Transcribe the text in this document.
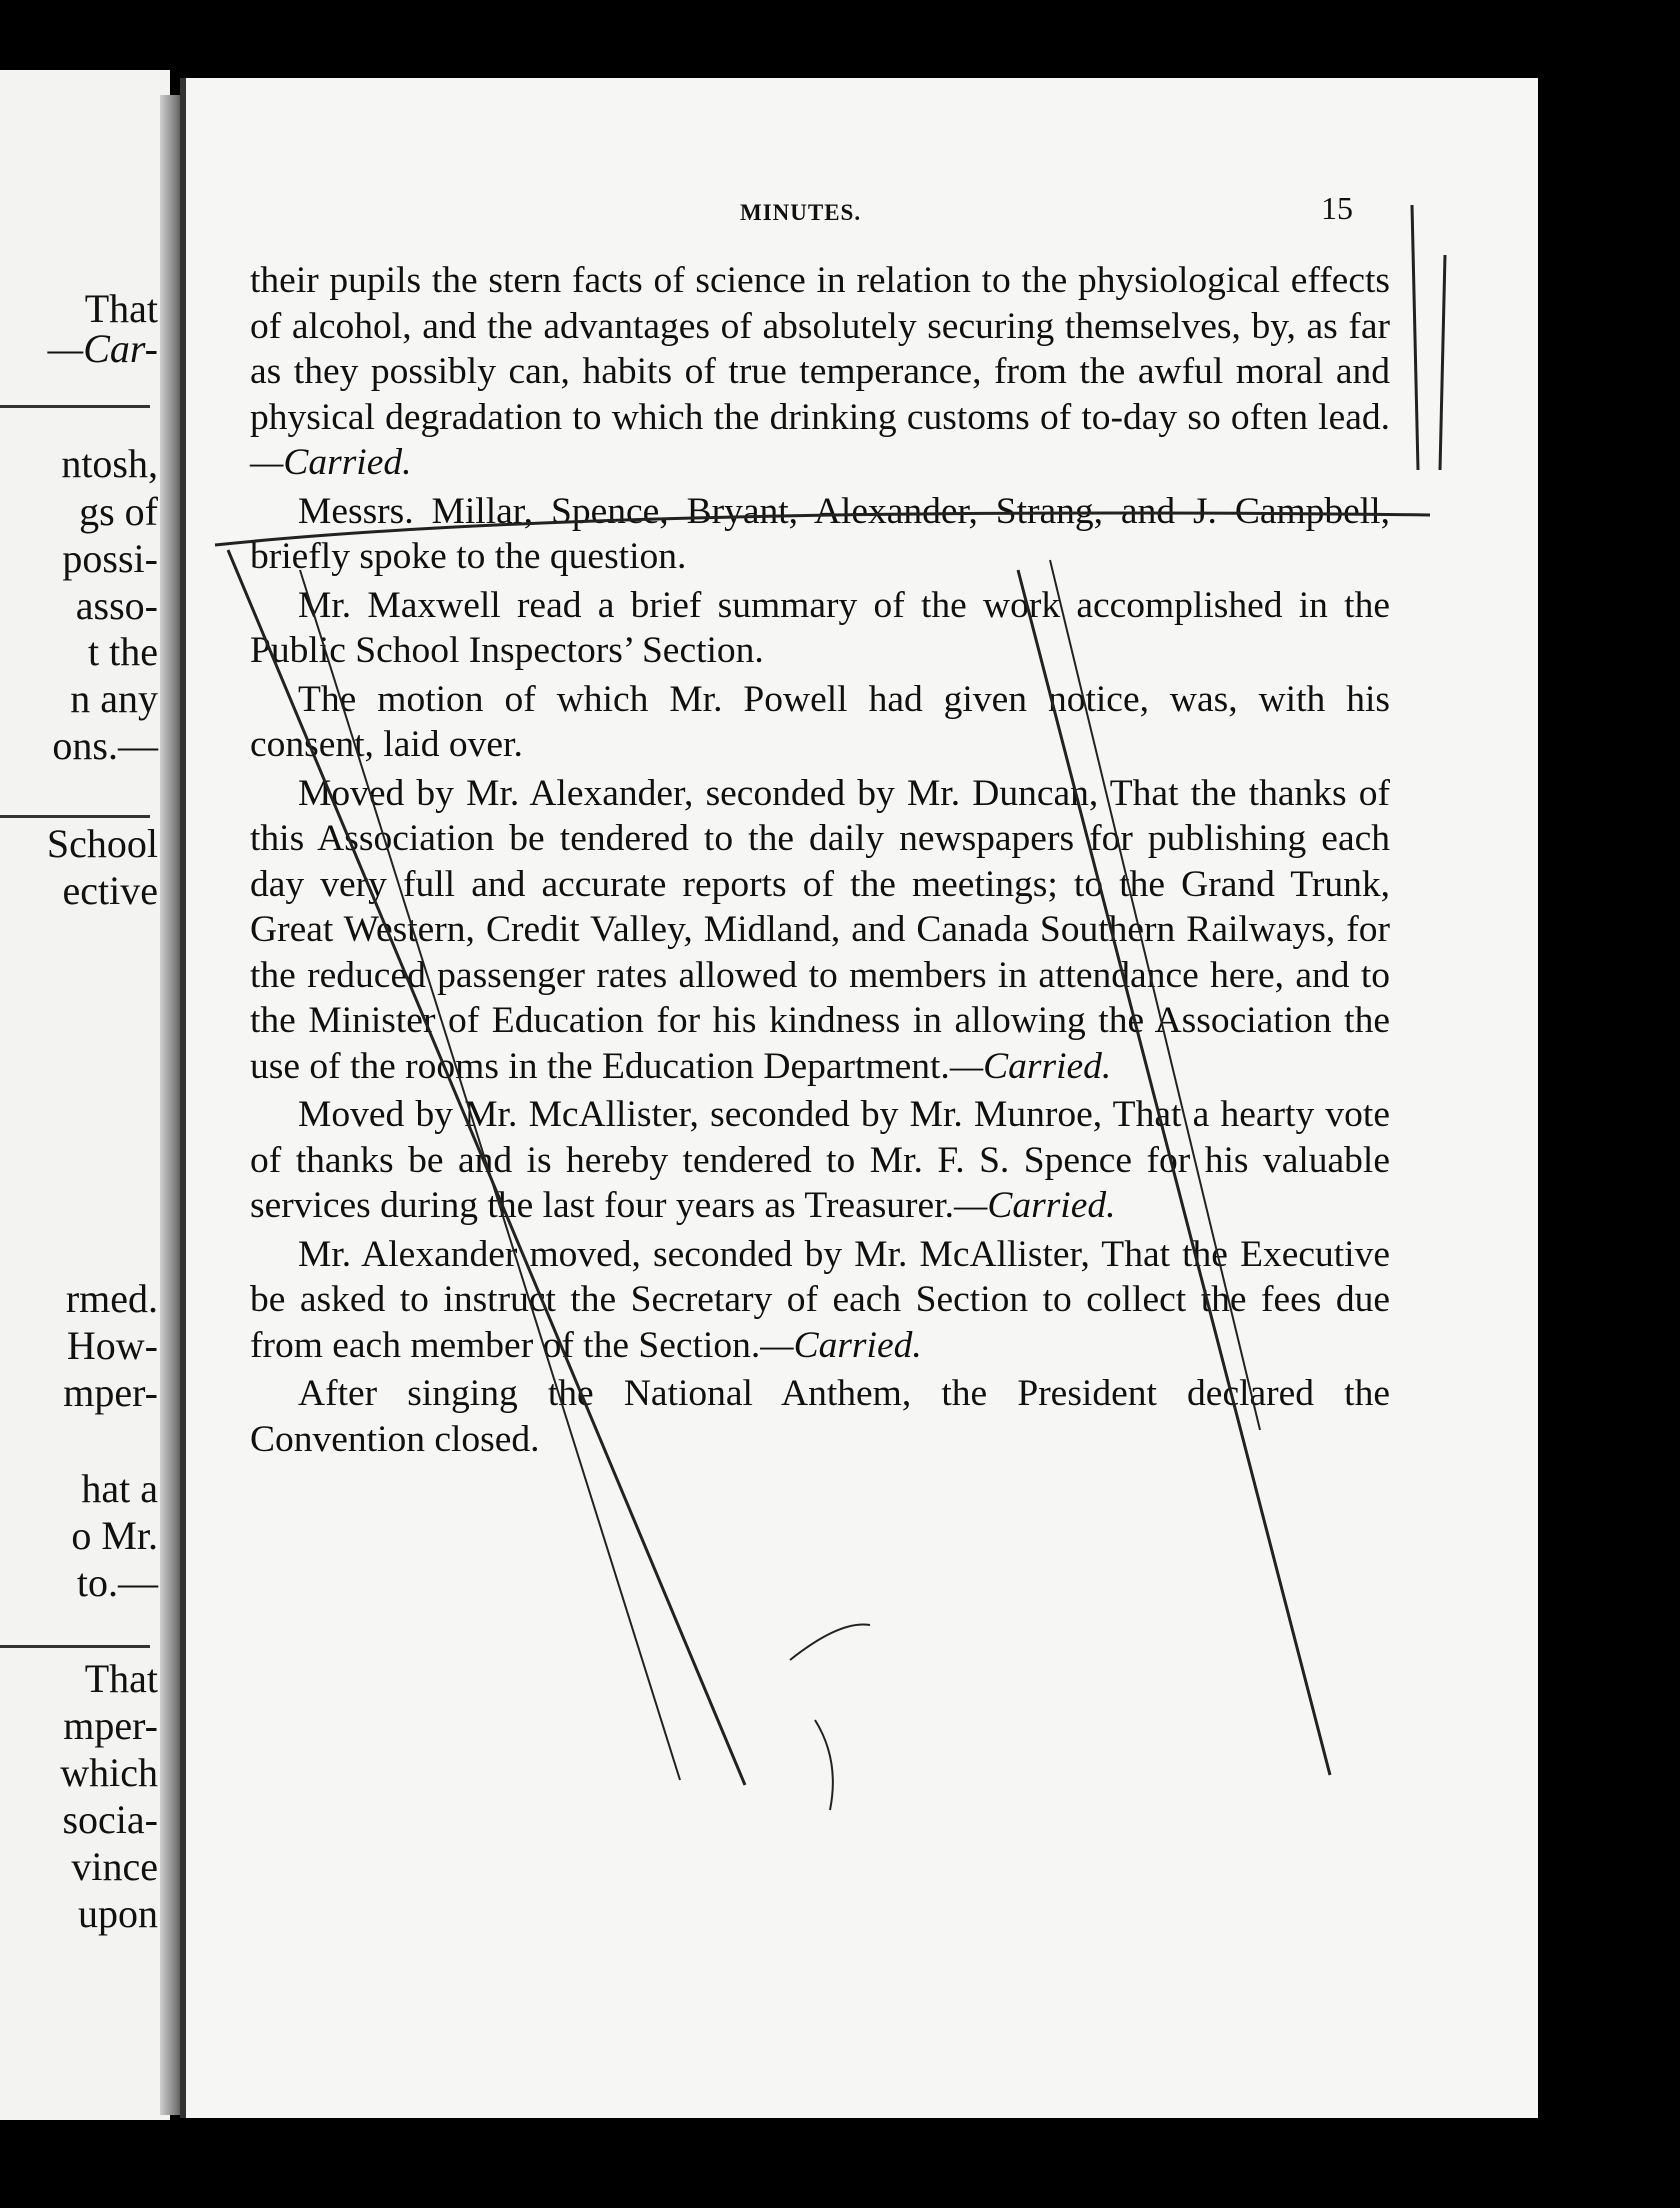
That
—Car-
ntosh,
gs of
possi-
asso-
t the
n any
ons.—
School
ective
rmed.
How-
mper-
hat a
o Mr.
to.—
That
mper-
which
socia-
vince
upon
MINUTES.	15

their pupils the stern facts of science in relation to the physiological effects of alcohol, and the advantages of absolutely securing themselves, by, as far as they possibly can, habits of true temperance, from the awful moral and physical degradation to which the drinking customs of to-day so often lead.—Carried.

Messrs. Millar, Spence, Bryant, Alexander, Strang, and J. Campbell, briefly spoke to the question.

Mr. Maxwell read a brief summary of the work accomplished in the Public School Inspectors’ Section.

The motion of which Mr. Powell had given notice, was, with his consent, laid over.

Moved by Mr. Alexander, seconded by Mr. Duncan, That the thanks of this Association be tendered to the daily newspapers for publishing each day very full and accurate reports of the meetings; to the Grand Trunk, Great Western, Credit Valley, Midland, and Canada Southern Railways, for the reduced passenger rates allowed to members in attendance here, and to the Minister of Education for his kindness in allowing the Association the use of the rooms in the Education Department.—Carried.

Moved by Mr. McAllister, seconded by Mr. Munroe, That a hearty vote of thanks be and is hereby tendered to Mr. F. S. Spence for his valuable services during the last four years as Treasurer.—Carried.

Mr. Alexander moved, seconded by Mr. McAllister, That the Executive be asked to instruct the Secretary of each Section to collect the fees due from each member of the Section.—Carried.

After singing the National Anthem, the President declared the Convention closed.
